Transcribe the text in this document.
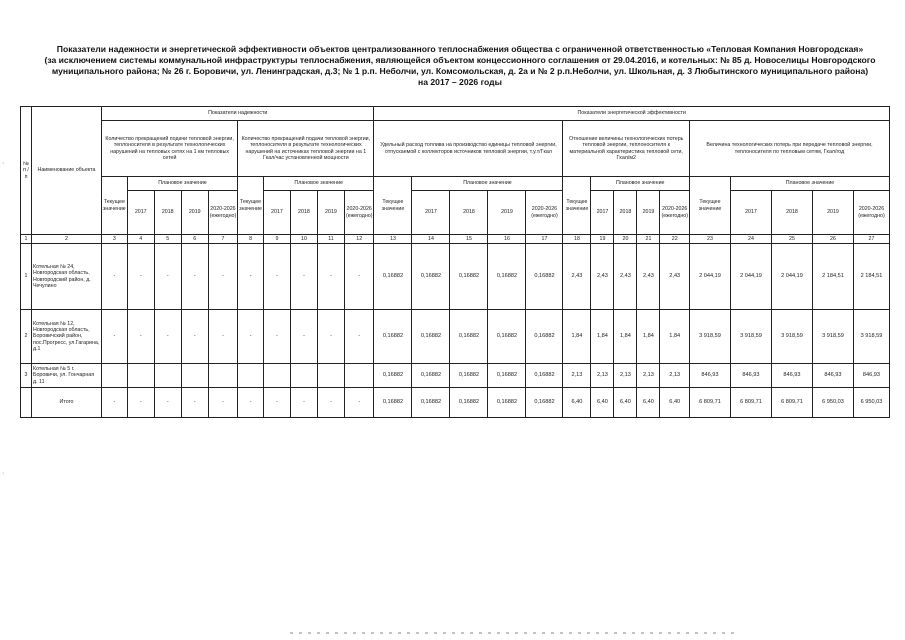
Показатели надежности и энергетической эффективности объектов централизованного теплоснабжения общества с ограниченной ответственностью «Тепловая Компания Новгородская»
(за исключением системы коммунальной инфраструктуры теплоснабжения, являющейся объектом концессионного соглашения от 29.04.2016, и котельных: № 85 д. Новоселицы Новгородского
муниципального района; № 26 г. Боровичи, ул. Ленинградская, д.3; № 1 р.п. Неболчи, ул. Комсомольская, д. 2а и № 2 р.п.Неболчи, ул. Школьная, д. 3 Любытинского муниципального района)
на 2017 – 2026 годы
№ п / п	Наименование объекта	Показатели надежности										Показатели энергетической эффективности														
		Количество прекращений подачи тепловой энергии, теплоносителя в результате технологических нарушений на тепловых сетях на 1 км тепловых сетей					Количество прекращений подачи тепловой энергии, теплоносителя в результате технологических нарушений на источниках тепловой энергии на 1 Гкал/час установленной мощности					Удельный расход топлива на производство единицы тепловой энергии, отпускаемой с коллекторов источников тепловой энергии, т.у.т/Гкал					Отношение величины технологических потерь тепловой энергии, теплоносителя к материальной характеристика тепловой сети, Гкал/м2					Величина технологических потерь при передаче тепловой энергии, теплоносителя по тепловым сетям, Гкал/год				
		Текущее значение	Плановое значение				Текущее значение	Плановое значение				Текущее значение	Плановое значение				Текущее значение	Плановое значение				Текущее значение	Плановое значение			
			2017	2018	2019	2020-2026 (ежегодно)		2017	2018	2019	2020-2026 (ежегодно)		2017	2018	2019	2020-2026 (ежегодно)		2017	2018	2019	2020-2026 (ежегодно)		2017	2018	2019	2020-2026 (ежегодно)
1	2	3	4	5	6	7	8	9	10	11	12	13	14	15	16	17	18	19	20	21	22	23	24	25	26	27
1	Котельная № 24, Новгородская область, Новгородский район, д. Чечулино	-	-	-	-	-	-	-	-	-	-	0,16882	0,16882	0,16882	0,16882	0,16882	2,43	2,43	2,43	2,43	2,43	2 044,19	2 044,19	2 044,19	2 184,51	2 184,51
2	Котельная № 12, Новгородская область, Боровичский район, пос.Прогресс, ул.Гагарина, д.1	-	-	-	-	-	-	-	-	-	-	0,16882	0,16882	0,16882	0,16882	0,16882	1,84	1,84	1,84	1,84	1,84	3 918,59	3 918,59	3 918,59	3 918,59	3 918,59
3	Котельная № 5 г. Боровичи, ул. Гончарная д. 11											0,16882	0,16882	0,16882	0,16882	0,16882	2,13	2,13	2,13	2,13	2,13	846,93	846,93	846,93	846,93	846,93
	Итого	-	-	-	-	-	-	-	-	-	-	0,16882	0,16882	0,16882	0,16882	0,16882	6,40	6,40	6,40	6,40	6,40	6 809,71	6 809,71	6 809,71	6 950,03	6 950,03
·
·
